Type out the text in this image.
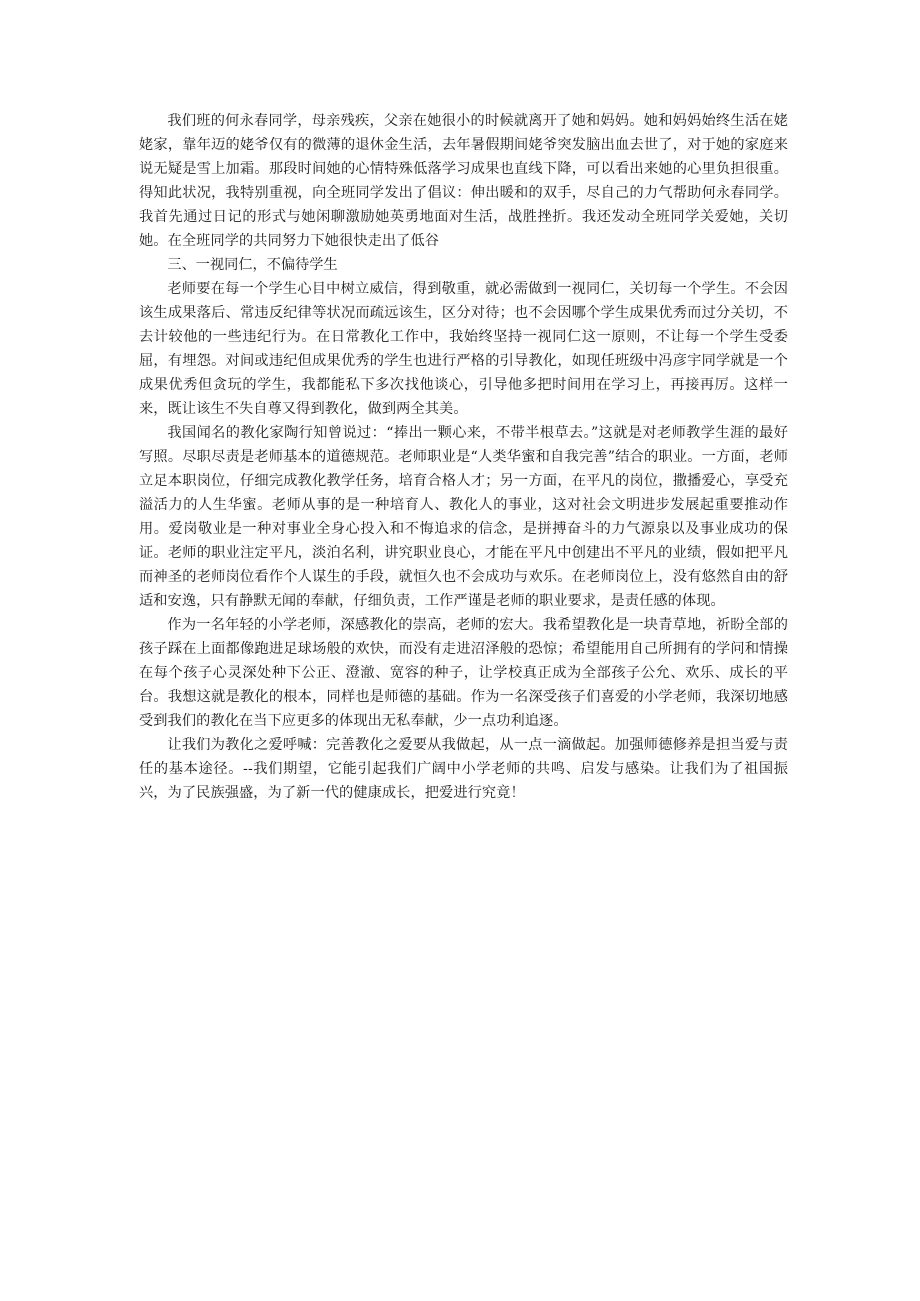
我们班的何永春同学，母亲残疾，父亲在她很小的时候就离开了她和妈妈。她和妈妈始终生活在姥姥家，靠年迈的姥爷仅有的微薄的退休金生活，去年暑假期间姥爷突发脑出血去世了，对于她的家庭来说无疑是雪上加霜。那段时间她的心情特殊低落学习成果也直线下降，可以看出来她的心里负担很重。得知此状况，我特别重视，向全班同学发出了倡议：伸出暖和的双手，尽自己的力气帮助何永春同学。我首先通过日记的形式与她闲聊激励她英勇地面对生活，战胜挫折。我还发动全班同学关爱她，关切她。在全班同学的共同努力下她很快走出了低谷

三、一视同仁，不偏待学生

老师要在每一个学生心目中树立威信，得到敬重，就必需做到一视同仁，关切每一个学生。不会因该生成果落后、常违反纪律等状况而疏远该生，区分对待；也不会因哪个学生成果优秀而过分关切，不去计较他的一些违纪行为。在日常教化工作中，我始终坚持一视同仁这一原则，不让每一个学生受委屈，有埋怨。对间或违纪但成果优秀的学生也进行严格的引导教化，如现任班级中冯彦宇同学就是一个成果优秀但贪玩的学生，我都能私下多次找他谈心，引导他多把时间用在学习上，再接再厉。这样一来，既让该生不失自尊又得到教化，做到两全其美。

我国闻名的教化家陶行知曾说过：“捧出一颗心来，不带半根草去。”这就是对老师教学生涯的最好写照。尽职尽责是老师基本的道德规范。老师职业是“人类华蜜和自我完善”结合的职业。一方面，老师立足本职岗位，仔细完成教化教学任务，培育合格人才；另一方面，在平凡的岗位，撒播爱心，享受充溢活力的人生华蜜。老师从事的是一种培育人、教化人的事业，这对社会文明进步发展起重要推动作用。爱岗敬业是一种对事业全身心投入和不悔追求的信念，是拼搏奋斗的力气源泉以及事业成功的保证。老师的职业注定平凡，淡泊名利，讲究职业良心，才能在平凡中创建出不平凡的业绩，假如把平凡而神圣的老师岗位看作个人谋生的手段，就恒久也不会成功与欢乐。在老师岗位上，没有悠然自由的舒适和安逸，只有静默无闻的奉献，仔细负责，工作严谨是老师的职业要求，是责任感的体现。

作为一名年轻的小学老师，深感教化的崇高，老师的宏大。我希望教化是一块青草地，祈盼全部的孩子踩在上面都像跑进足球场般的欢快，而没有走进沼泽般的恐惊；希望能用自己所拥有的学问和情操在每个孩子心灵深处种下公正、澄澈、宽容的种子，让学校真正成为全部孩子公允、欢乐、成长的平台。我想这就是教化的根本，同样也是师德的基础。作为一名深受孩子们喜爱的小学老师，我深切地感受到我们的教化在当下应更多的体现出无私奉献，少一点功利追逐。

让我们为教化之爱呼喊：完善教化之爱要从我做起，从一点一滴做起。加强师德修养是担当爱与责任的基本途径。--我们期望，它能引起我们广阔中小学老师的共鸣、启发与感染。让我们为了祖国振兴，为了民族强盛，为了新一代的健康成长，把爱进行究竟！
